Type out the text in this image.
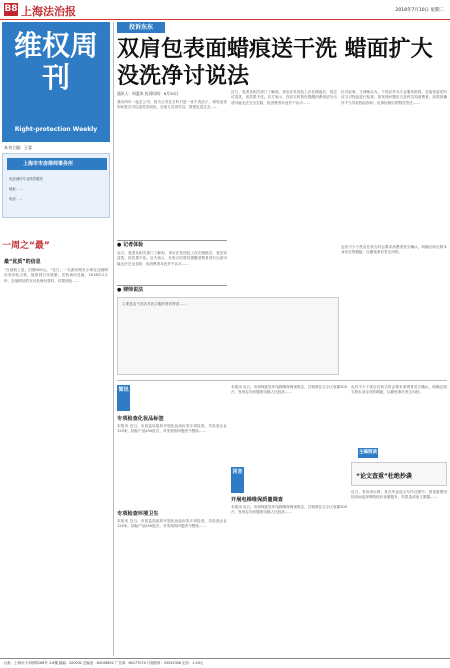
B8 上海法治报	2018年7月10日 星期二
维权周刊
Right-protection Weekly
本刊主编：王睿
上海市市房律师事务所
优质诚信专业高效服务
地址：...
电话：...
一周之“最”
最“优质”的信息
“在那航上是，旧额400元。”近日，一名游民网友小琦在瓦晓网站发布帖文称，他的到日本旅游。在机场向兑换，2018年2月份，在他网站的支付处理付款时，结果到处……
投诉东东
双肩包表面蜡痕送干洗 蜡面扩大没洗净讨说法
通讯人：周惠来 投诉时间：6月20日
我有四年一起去公司，因为公司在当时只是一家干洗店子，到电话里询问是否可以清洗双肩包，店里人员说可以，我把包送过去……
近日，笔者从相关部门了解到，该店在发现包上存在蜡痕后，曾尝试清洗，但效果不佳。店方表示，在收衣时曾经提醒消费者部分污渍可能无法完全去除，但消费者对此并不认可……
针对此事，王律师认为，干洗店作为专业服务机构，在接受委托时应当对物品进行检查，如发现问题应当及时告知消费者。如果因操作不当导致物品损坏，应承担相应的赔偿责任……
● 记者体验
近日，笔者从相关部门了解到，该店在发现包上存在蜡痕后，曾尝试清洗，但效果不佳。店方表示，在收衣时曾经提醒消费者部分污渍可能无法完全去除，但消费者对此并不认可……
● 律师说法
主要是由干洗店对此衣服的材料等质……
也有不少干洗店在收衣时会要求消费者签字确认，明确注明衣物本身存在的瑕疵，以避免事后发生纠纷。
简讯
专项检查化妆品标签
本报讯 近日，市质监局组织开展化妆品标签专项检查，共检查企业120家，抽检产品450批次，对发现的问题责令整改……
专项检查环境卫生
本报讯 近日，市质监局组织开展化妆品标签专项检查，共检查企业120家，抽检产品450批次，对发现的问题责令整改……
本报讯 近日，市消保委发布电梯维保调查报告，共调查住宅小区电梯300台，发现存在问题的电梯占比较高……
回音
开展电梯维保质量调查
本报讯 近日，市消保委发布电梯维保调查报告，共调查住宅小区电梯300台，发现存在问题的电梯占比较高……
也有不少干洗店在收衣时会要求消费者签字确认，明确注明衣物本身存在的瑕疵，以避免事后发生纠纷。
主编阅读
“论文查重”杜绝抄袭
近日，有读者反映，其在毕业论文写作过程中，因查重费用较高而选择网络低价查重服务，结果造成论文泄露……
社址：上海市小木桥路268号 3-6楼 邮编：200032 总编室：64108852 广告部：64177074 订阅热线：20552356 定价：1.50元
